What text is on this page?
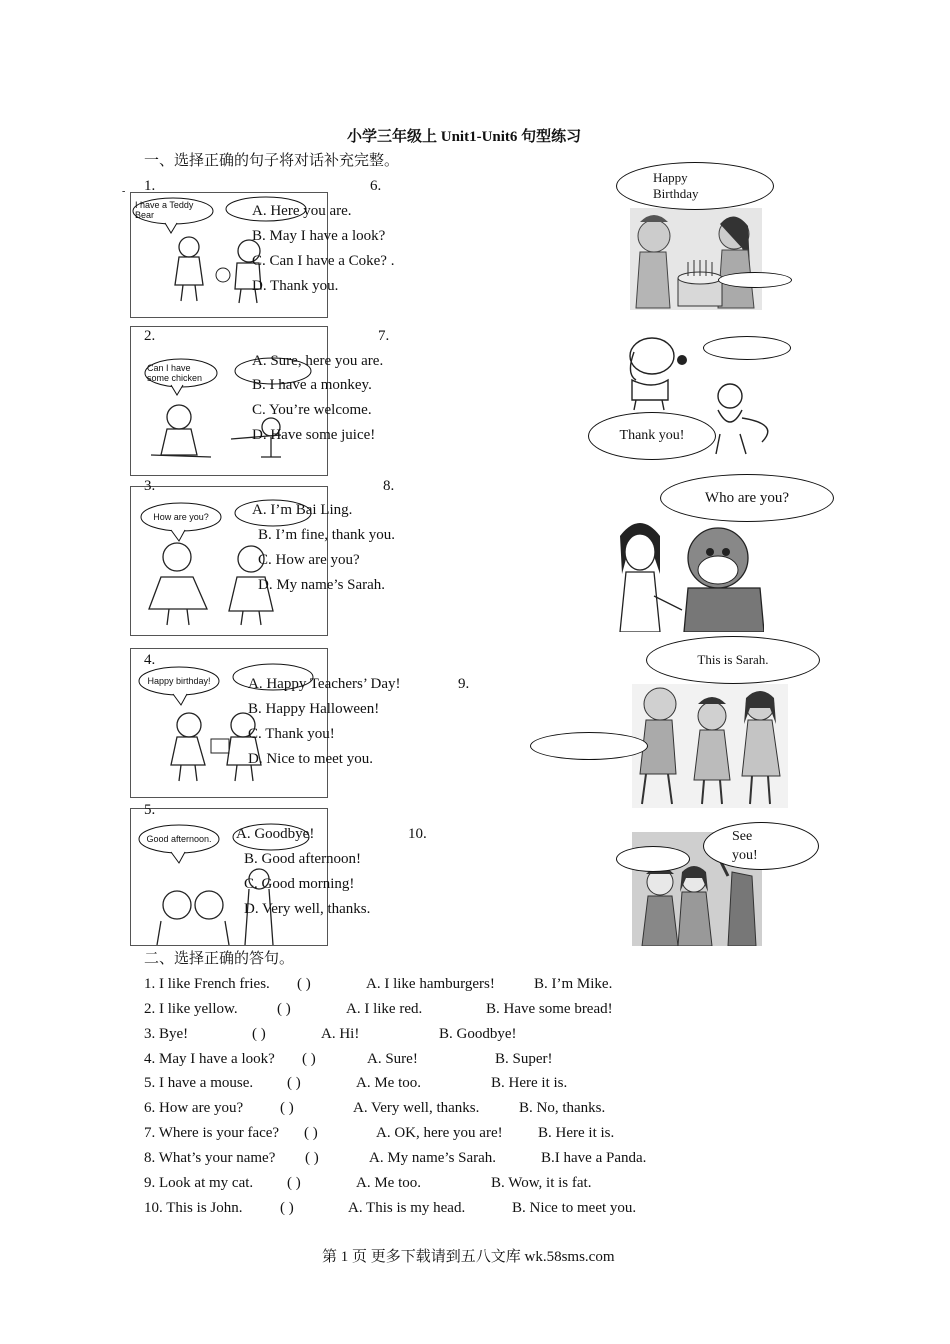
小学三年级上 Unit1-Unit6 句型练习
一、选择正确的句子将对话补充完整。
-
I have a Teddy Bear
1.
A. Here you are.
B. May I have a look?
C. Can I have a Coke? .
D. Thank you.
Can I have some chicken
2.
A. Sure, here you are.
B. I have a monkey.
C. You’re welcome.
D. Have some juice!
How are you?
3.
A. I’m Bai Ling.
B. I’m fine, thank you.
C. How are you?
D. My name’s Sarah.
Happy birthday!
4.
A. Happy Teachers’ Day!
B. Happy Halloween!
C. Thank you!
D. Nice to meet you.
Good afternoon.
5.
A. Goodbye!
B. Good afternoon!
C. Good morning!
D. Very well, thanks.
6.
7.
8.
9.
10.
Happy Birthday
Thank you!
Who are you?
This is Sarah.
See you!
二、选择正确的答句。
1. I like French fries. ( )	A. I like hamburgers!	B. I’m Mike.
2. I like yellow.	( )	A. I like red.	B. Have some bread!
3. Bye!	( )	A. Hi!	B. Goodbye!
4. May I have a look? ( )	A. Sure!	B. Super!
5. I have a mouse. ( )	A. Me too.	B. Here it is.
6. How are you? ( )	A. Very well, thanks.	B. No, thanks.
7. Where is your face? ( )	A. OK, here you are! B. Here it is.
8. What’s your name? ( )	A. My name’s Sarah.	B.I have a Panda.
9. Look at my cat. ( )	A. Me too.	B. Wow, it is fat.
10. This is John.	( )	A. This is my head.	B. Nice to meet you.
第 1 页 更多下载请到五八文库 wk.58sms.com
